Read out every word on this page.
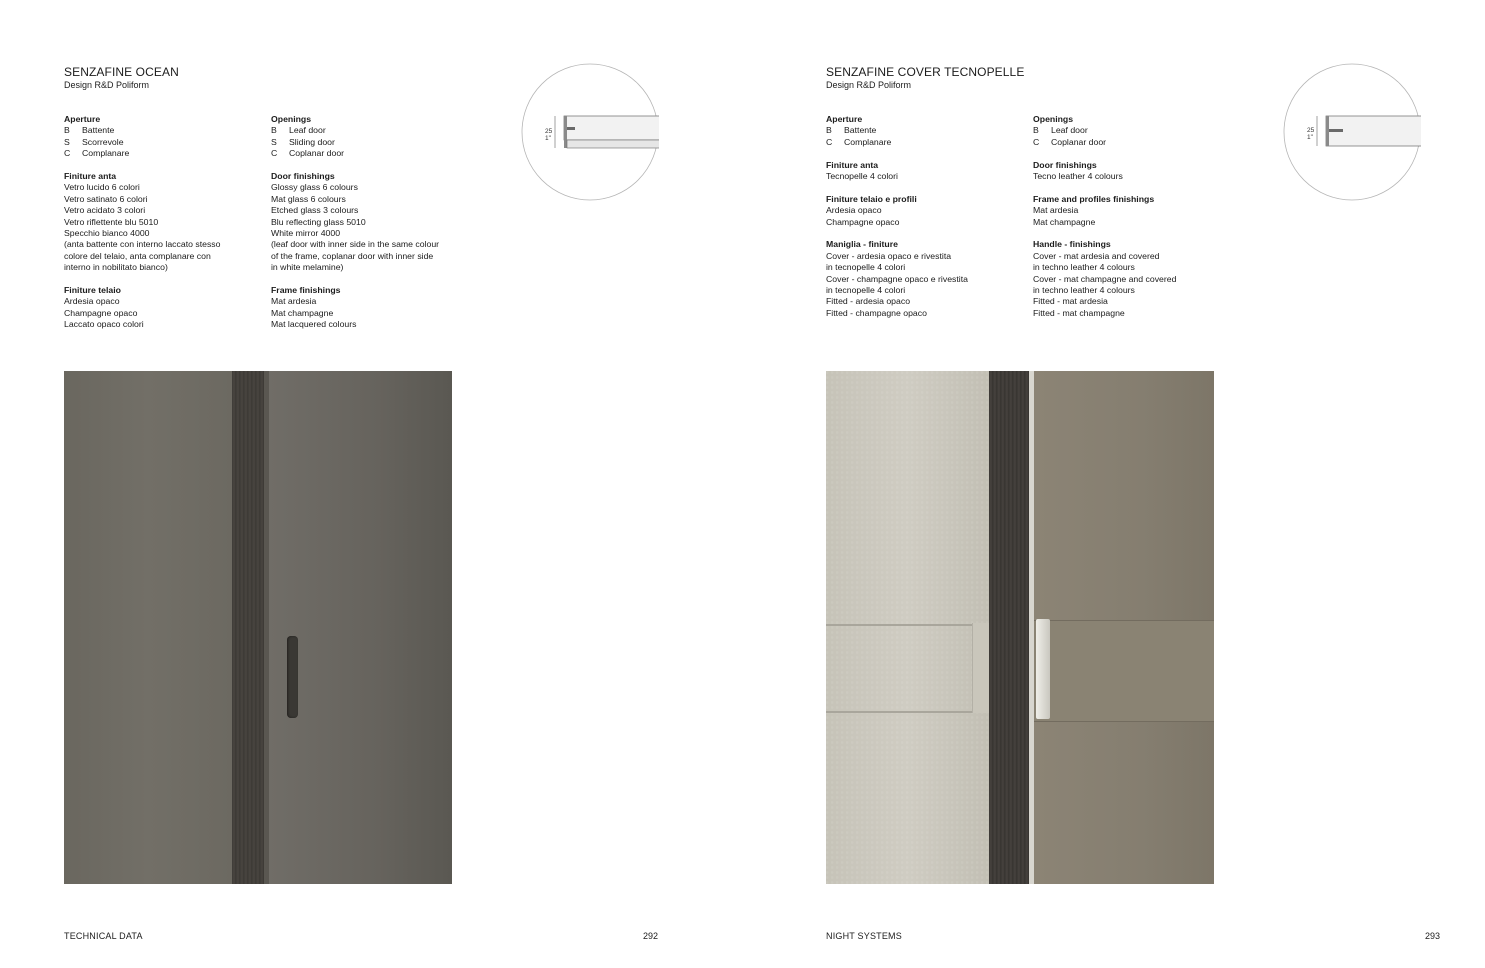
SENZAFINE OCEAN
Design R&D Poliform
Aperture
B Battente
S Scorrevole
C Complanare
Finiture anta
Vetro lucido 6 colori
Vetro satinato 6 colori
Vetro acidato 3 colori
Vetro riflettente blu 5010
Specchio bianco 4000
(anta battente con interno laccato stesso
colore del telaio, anta complanare con
interno in nobilitato bianco)
Finiture telaio
Ardesia opaco
Champagne opaco
Laccato opaco colori
Openings
B Leaf door
S Sliding door
C Coplanar door
Door finishings
Glossy glass 6 colours
Mat glass 6 colours
Etched glass 3 colours
Blu reflecting glass 5010
White mirror 4000
(leaf door with inner side in the same colour
of the frame, coplanar door with inner side
in white melamine)
Frame finishings
Mat ardesia
Mat champagne
Mat lacquered colours
25
1"
TECHNICAL DATA	292
SENZAFINE COVER TECNOPELLE
Design R&D Poliform
Aperture
B Battente
C Complanare
Finiture anta
Tecnopelle 4 colori
Finiture telaio e profili
Ardesia opaco
Champagne opaco
Maniglia - finiture
Cover - ardesia opaco e rivestita
in tecnopelle 4 colori
Cover - champagne opaco e rivestita
in tecnopelle 4 colori
Fitted - ardesia opaco
Fitted - champagne opaco
Openings
B Leaf door
C Coplanar door
Door finishings
Tecno leather 4 colours
Frame and profiles finishings
Mat ardesia
Mat champagne
Handle - finishings
Cover - mat ardesia and covered
in techno leather 4 colours
Cover - mat champagne and covered
in techno leather 4 colours
Fitted - mat ardesia
Fitted - mat champagne
25
1"
NIGHT SYSTEMS	293
